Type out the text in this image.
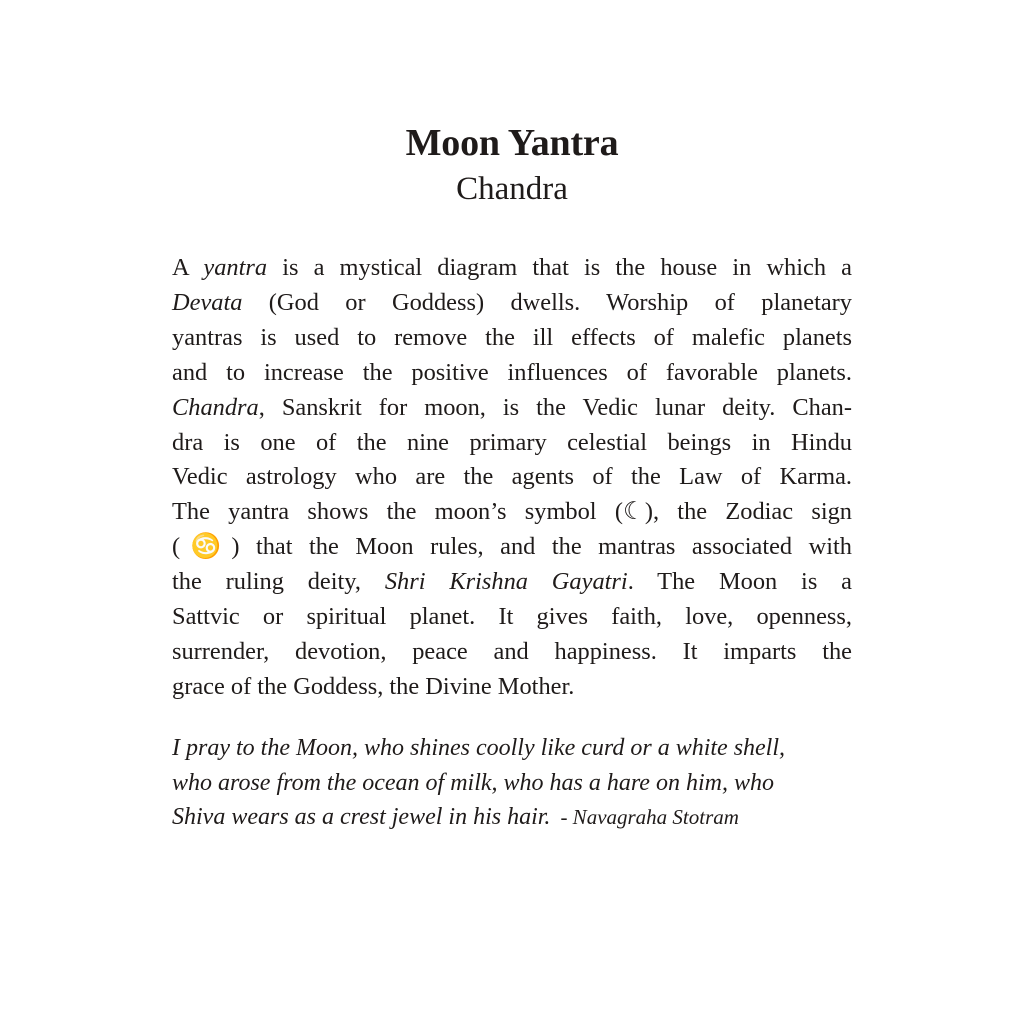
Moon Yantra
Chandra
A yantra is a mystical diagram that is the house in which a
Devata (God or Goddess) dwells. Worship of planetary
yantras is used to remove the ill effects of malefic planets
and to increase the positive influences of favorable planets.
Chandra, Sanskrit for moon, is the Vedic lunar deity. Chan-
dra is one of the nine primary celestial beings in Hindu
Vedic astrology who are the agents of the Law of Karma.
The yantra shows the moon’s symbol (☾), the Zodiac sign
(♋) that the Moon rules, and the mantras associated with
the ruling deity, Shri Krishna Gayatri. The Moon is a
Sattvic or spiritual planet. It gives faith, love, openness,
surrender, devotion, peace and happiness. It imparts the
grace of the Goddess, the Divine Mother.
I pray to the Moon, who shines coolly like curd or a white shell,
who arose from the ocean of milk, who has a hare on him, who
Shiva wears as a crest jewel in his hair. - Navagraha Stotram
